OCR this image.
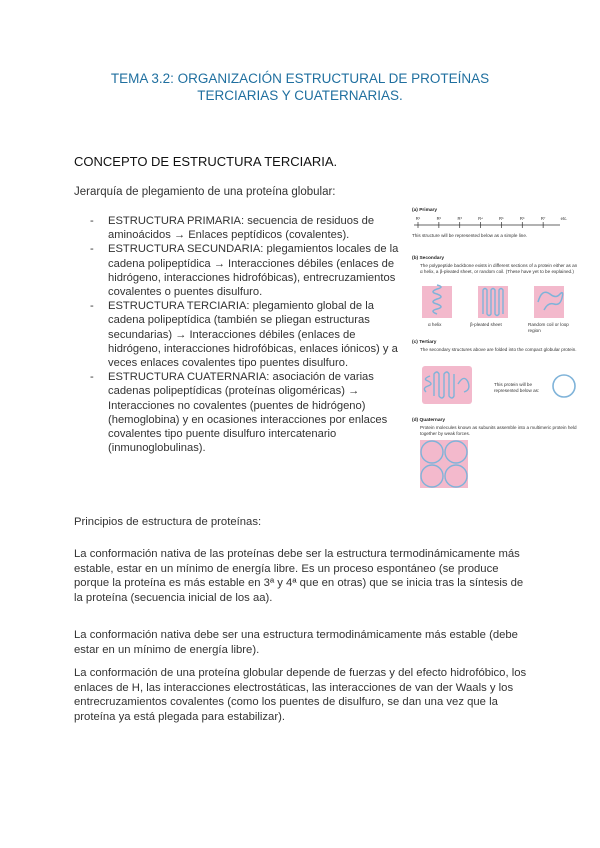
TEMA 3.2: ORGANIZACIÓN ESTRUCTURAL DE PROTEÍNAS
TERCIARIAS Y CUATERNARIAS.
CONCEPTO DE ESTRUCTURA TERCIARIA.
Jerarquía de plegamiento de una proteína globular:
- ESTRUCTURA PRIMARIA: secuencia de residuos de aminoácidos → Enlaces peptídicos (covalentes).
- ESTRUCTURA SECUNDARIA: plegamientos locales de la cadena polipeptídica → Interacciones débiles (enlaces de hidrógeno, interacciones hidrofóbicas), entrecruzamientos covalentes o puentes disulfuro.
- ESTRUCTURA TERCIARIA: plegamiento global de la cadena polipeptídica (también se pliegan estructuras secundarias) → Interacciones débiles (enlaces de hidrógeno, interacciones hidrofóbicas, enlaces iónicos) y a veces enlaces covalentes tipo puentes disulfuro.
- ESTRUCTURA CUATERNARIA: asociación de varias cadenas polipeptídicas (proteínas oligoméricas) → Interacciones no covalentes (puentes de hidrógeno) (hemoglobina) y en ocasiones interacciones por enlaces covalentes tipo puente disulfuro intercatenario (inmunoglobulinas).
(a) Primary
R¹	R²	R³	R⁴	R⁵	R⁶	R⁷	etc.
This structure will be represented below as a simple line.
(b) Secondary
The polypeptide backbone exists in different sections of a protein either as an α helix, a β-pleated sheet, or random coil. (These have yet to be explained.)
α helix	β-pleated sheet	Random coil or loop region
(c) Tertiary
The secondary structures above are folded into the compact globular protein.
This protein will be represented below as:
(d) Quaternary
Protein molecules known as subunits assemble into a multimeric protein held together by weak forces.
Principios de estructura de proteínas:
La conformación nativa de las proteínas debe ser la estructura termodinámicamente más estable, estar en un mínimo de energía libre. Es un proceso espontáneo (se produce porque la proteína es más estable en 3ª y 4ª que en otras) que se inicia tras la síntesis de la proteína (secuencia inicial de los aa).
La conformación nativa debe ser una estructura termodinámicamente más estable (debe estar en un mínimo de energía libre).
La conformación de una proteína globular depende de fuerzas y del efecto hidrofóbico, los enlaces de H, las interacciones electrostáticas, las interacciones de van der Waals y los entrecruzamientos covalentes (como los puentes de disulfuro, se dan una vez que la proteína ya está plegada para estabilizar).
